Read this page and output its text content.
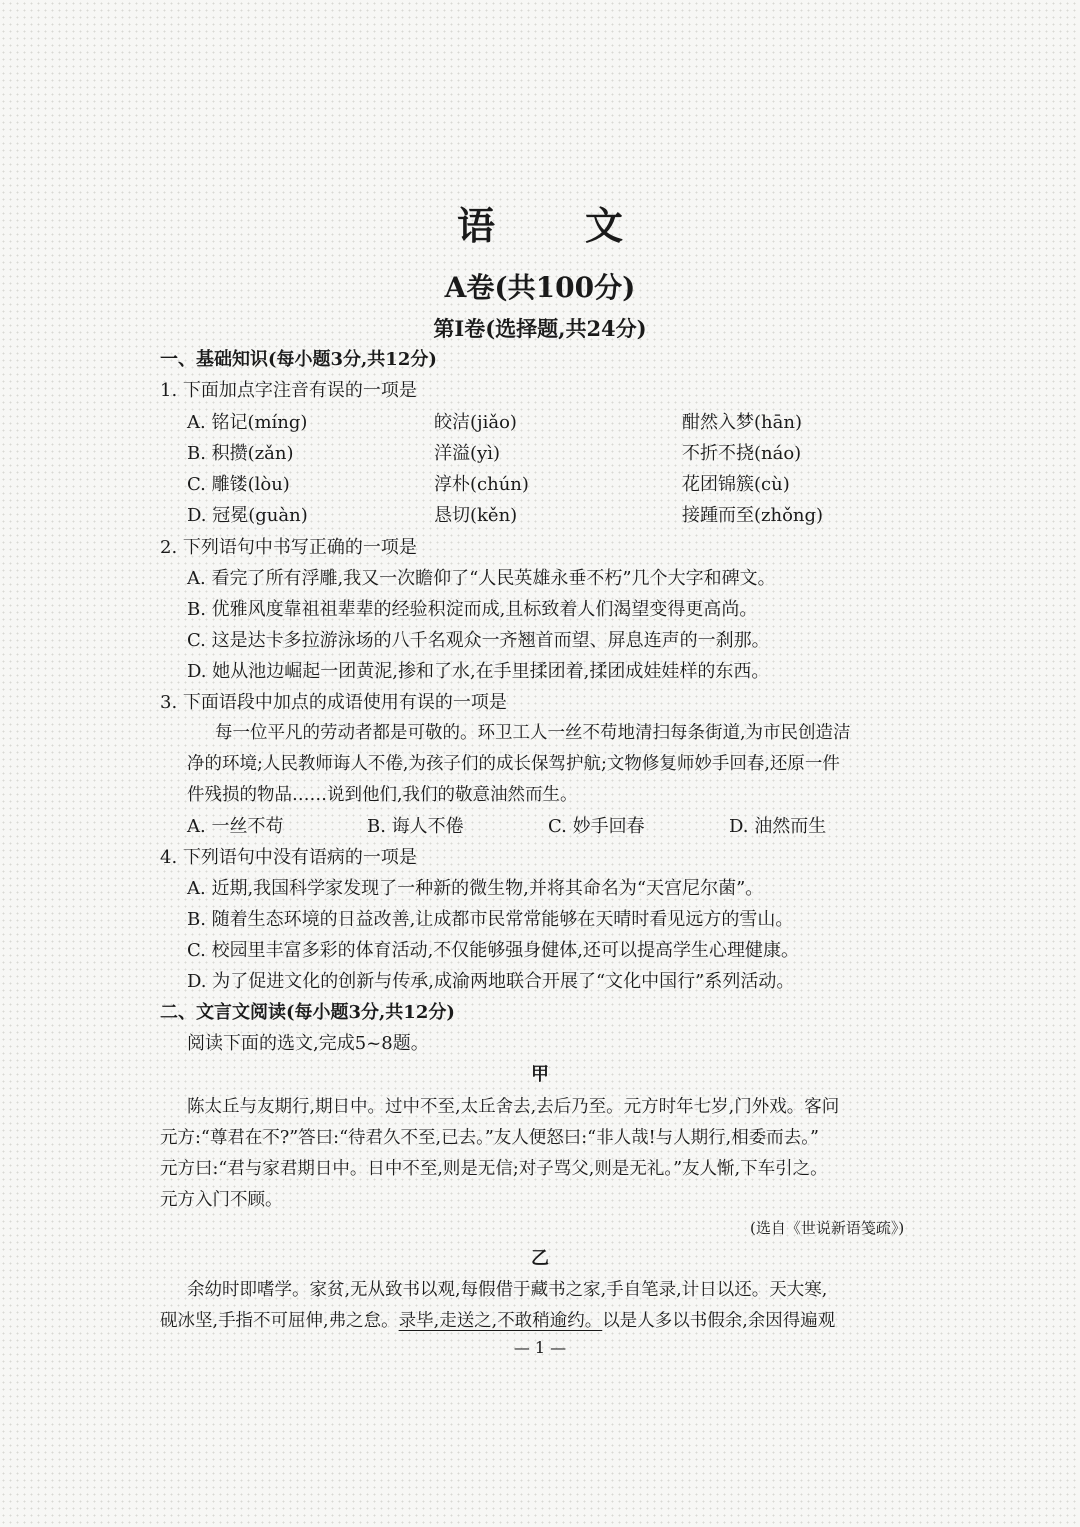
语文
A卷(共100分)
第Ⅰ卷(选择题,共24分)
一、基础知识(每小题3分,共12分)
1. 下面加点字注音有误的一项是
A. 铭记(míng)	皎洁(jiǎo)	酣然入梦(hān)
B. 积攒(zǎn)	洋溢(yì)	不折不挠(náo)
C. 雕镂(lòu)	淳朴(chún)	花团锦簇(cù)
D. 冠冕(guàn)	恳切(kěn)	接踵而至(zhǒng)
2. 下列语句中书写正确的一项是
A. 看完了所有浮雕,我又一次瞻仰了“人民英雄永垂不朽”几个大字和碑文。
B. 优雅风度靠祖祖辈辈的经验积淀而成,且标致着人们渴望变得更高尚。
C. 这是达卡多拉游泳场的八千名观众一齐翘首而望、屏息连声的一刹那。
D. 她从池边崛起一团黄泥,掺和了水,在手里揉团着,揉团成娃娃样的东西。
3. 下面语段中加点的成语使用有误的一项是
每一位平凡的劳动者都是可敬的。环卫工人一丝不苟地清扫每条街道,为市民创造洁
净的环境;人民教师诲人不倦,为孩子们的成长保驾护航;文物修复师妙手回春,还原一件
件残损的物品……说到他们,我们的敬意油然而生。
A. 一丝不苟	B. 诲人不倦	C. 妙手回春	D. 油然而生
4. 下列语句中没有语病的一项是
A. 近期,我国科学家发现了一种新的微生物,并将其命名为“天宫尼尔菌”。
B. 随着生态环境的日益改善,让成都市民常常能够在天晴时看见远方的雪山。
C. 校园里丰富多彩的体育活动,不仅能够强身健体,还可以提高学生心理健康。
D. 为了促进文化的创新与传承,成渝两地联合开展了“文化中国行”系列活动。
二、文言文阅读(每小题3分,共12分)
阅读下面的选文,完成5~8题。
甲
陈太丘与友期行,期日中。过中不至,太丘舍去,去后乃至。元方时年七岁,门外戏。客问
元方:“尊君在不?”答曰:“待君久不至,已去。”友人便怒曰:“非人哉!与人期行,相委而去。”
元方曰:“君与家君期日中。日中不至,则是无信;对子骂父,则是无礼。”友人惭,下车引之。
元方入门不顾。
(选自《世说新语笺疏》)
乙
余幼时即嗜学。家贫,无从致书以观,每假借于藏书之家,手自笔录,计日以还。天大寒,
砚冰坚,手指不可屈伸,弗之怠。录毕,走送之,不敢稍逾约。以是人多以书假余,余因得遍观
— 1 —
